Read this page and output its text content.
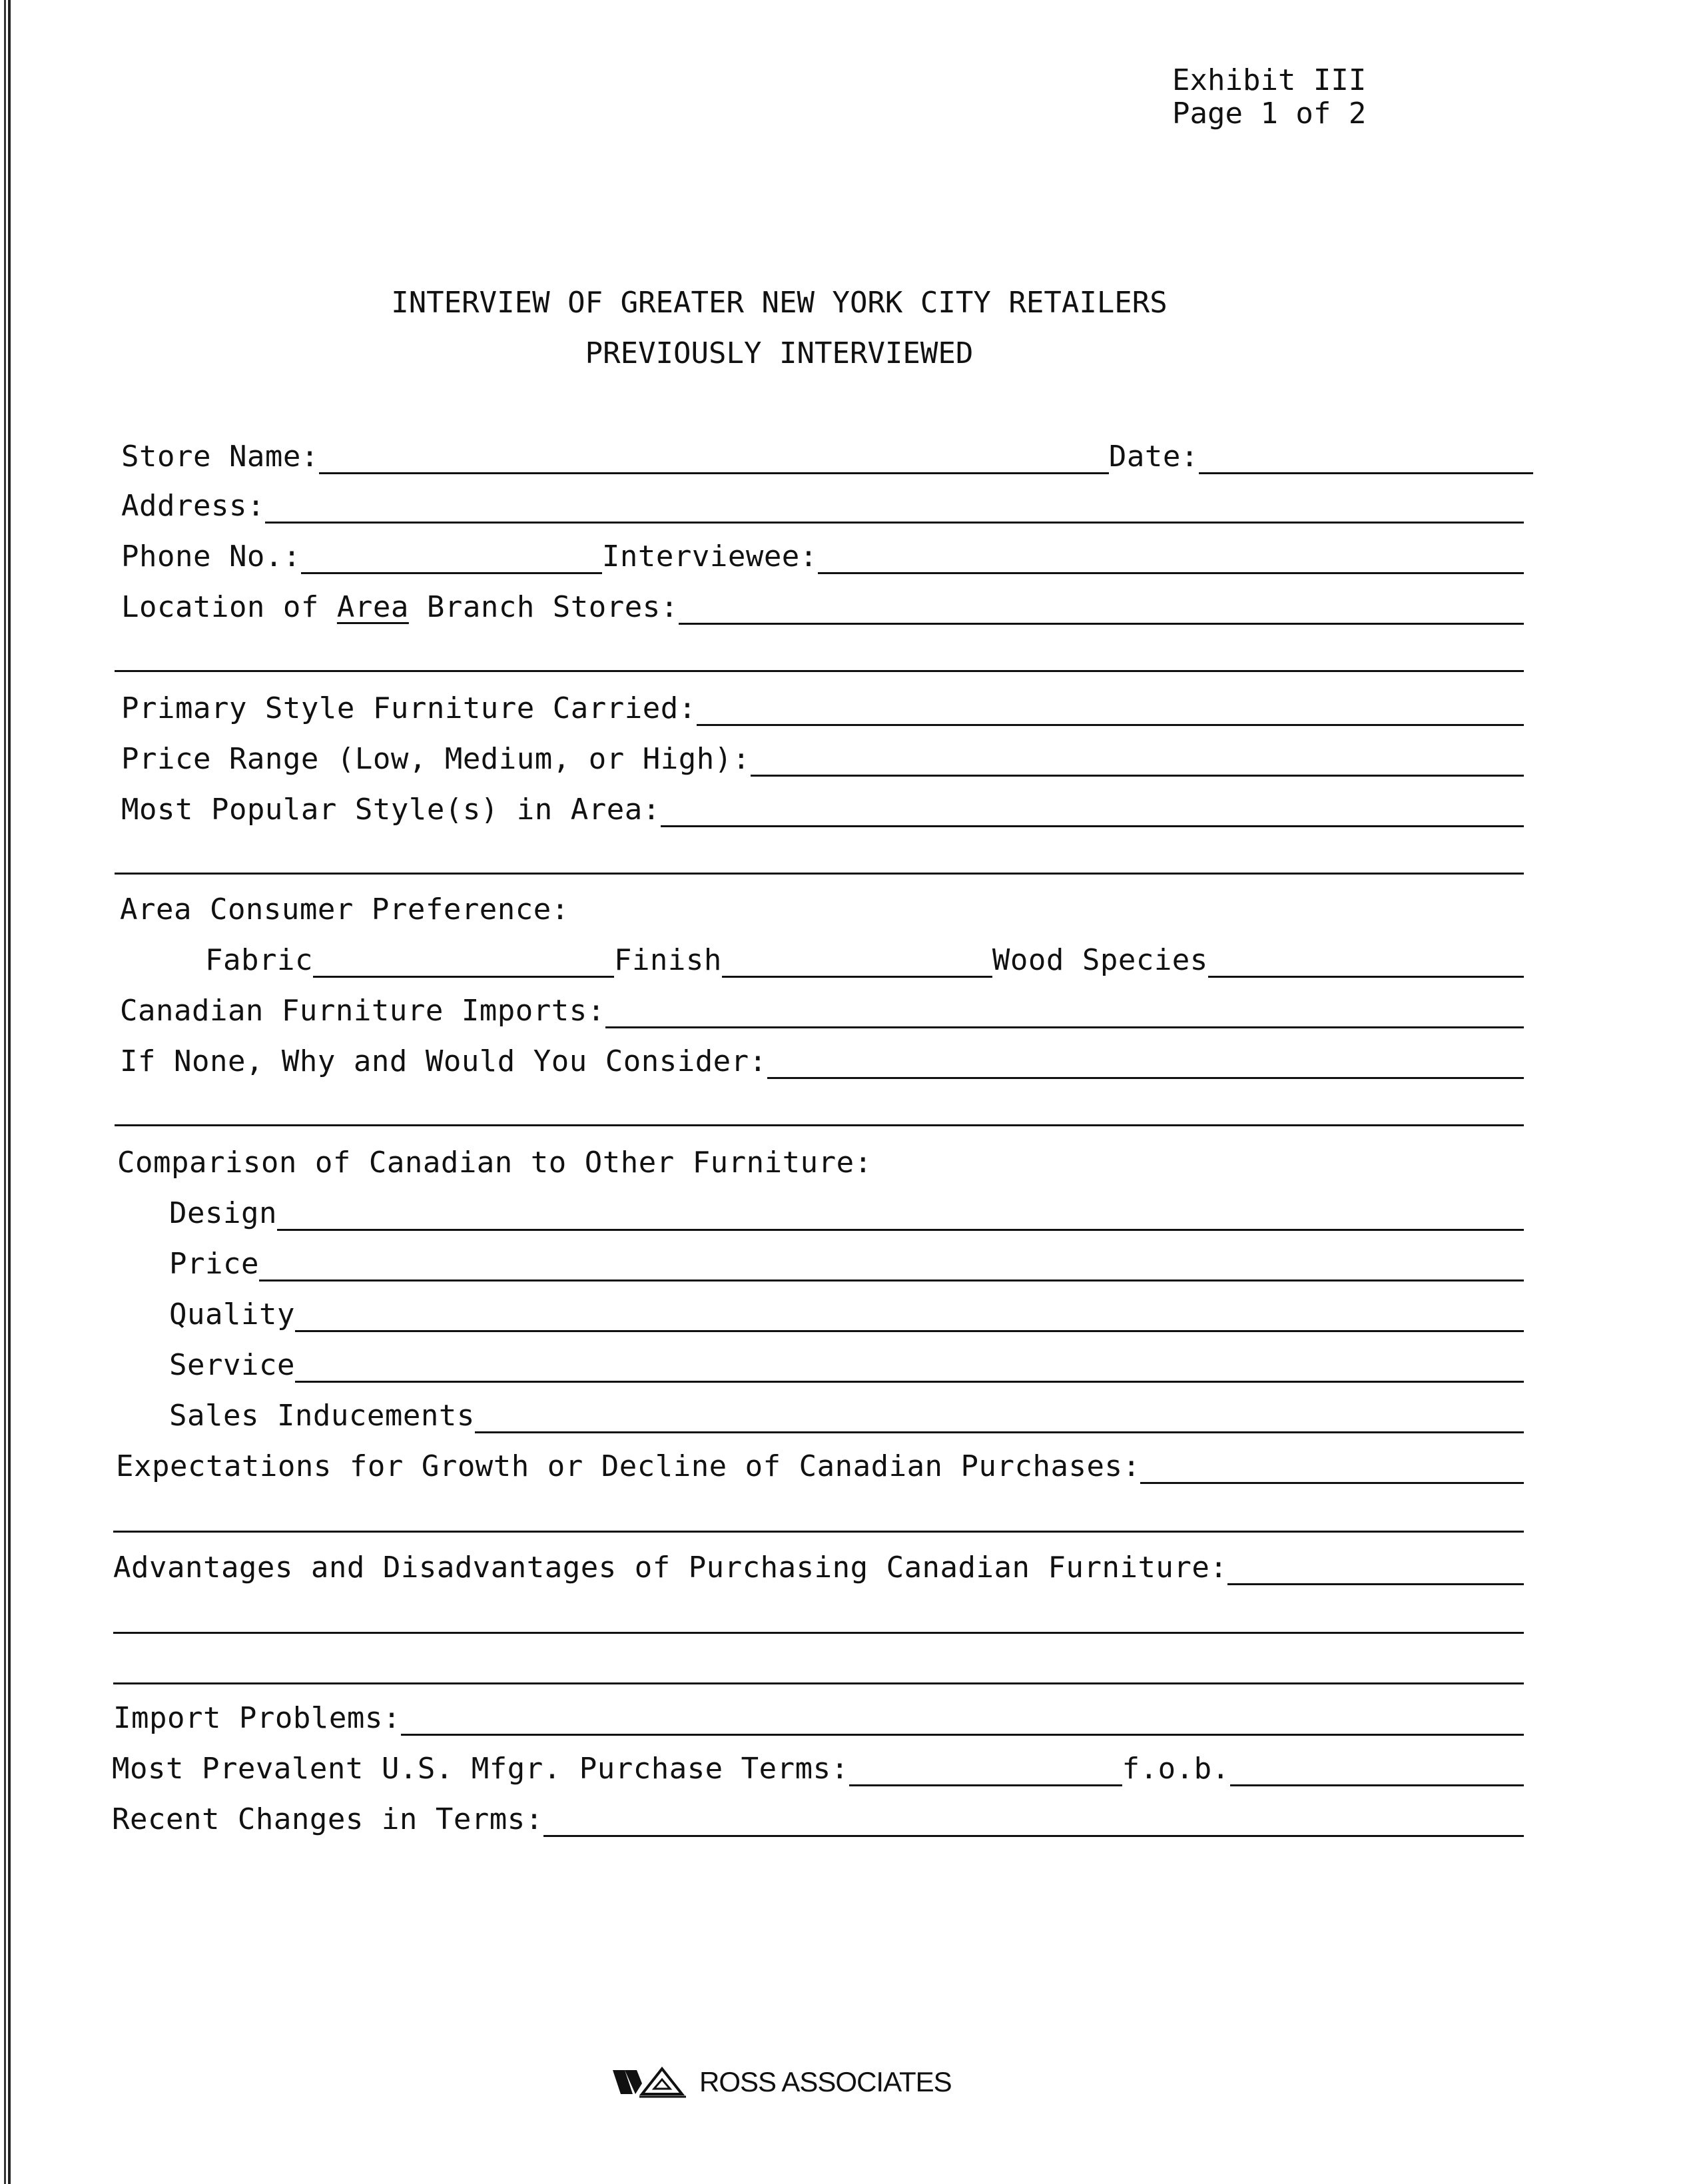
Exhibit III
Page 1 of 2
INTERVIEW OF GREATER NEW YORK CITY RETAILERS
PREVIOUSLY INTERVIEWED
Store Name:	Date:
Address:
Phone No.:	Interviewee:
Location of Area Branch Stores:
Primary Style Furniture Carried:
Price Range (Low, Medium, or High):
Most Popular Style(s) in Area:
Area Consumer Preference:
Fabric	Finish	Wood Species
Canadian Furniture Imports:
If None, Why and Would You Consider:
Comparison of Canadian to Other Furniture:
Design
Price
Quality
Service
Sales Inducements
Expectations for Growth or Decline of Canadian Purchases:
Advantages and Disadvantages of Purchasing Canadian Furniture:
Import Problems:
Most Prevalent U.S. Mfgr. Purchase Terms:	f.o.b.
Recent Changes in Terms:
ROSS ASSOCIATES
